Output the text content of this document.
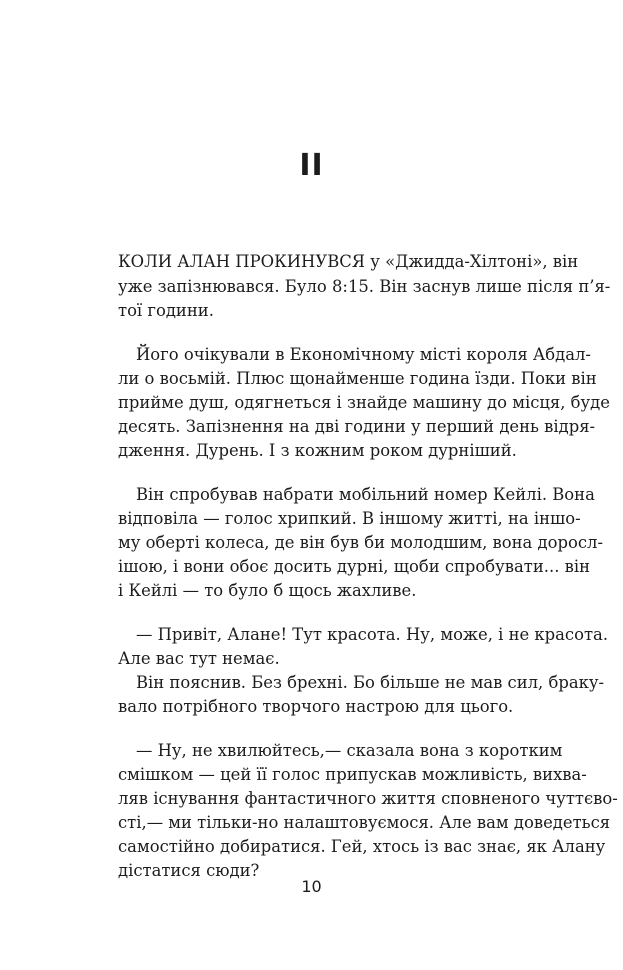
II
КОЛИ АЛАН ПРОКИНУВСЯ у «Джидда-Хілтоні», він
уже запізнювався. Було 8:15. Він заснув лише після п’я-
тої години.
Його очікували в Економічному місті короля Абдал-
ли о восьмій. Плюс щонайменше година їзди. Поки він
прийме душ, одягнеться і знайде машину до місця, буде
десять. Запізнення на дві години у перший день відря-
дження. Дурень. І з кожним роком дурніший.
Він спробував набрати мобільний номер Кейлі. Вона
відповіла — голос хрипкий. В іншому житті, на іншо-
му оберті колеса, де він був би молодшим, вона доросл-
ішою, і вони обоє досить дурні, щоби спробувати... він
і Кейлі — то було б щось жахливе.
— Привіт, Алане! Тут красота. Ну, може, і не красота.
Але вас тут немає.
Він пояснив. Без брехні. Бо більше не мав сил, браку-
вало потрібного творчого настрою для цього.
— Ну, не хвилюйтесь,— сказала вона з коротким
смішком — цей її голос припускав можливість, вихва-
ляв існування фантастичного життя сповненого чуттєво-
сті,— ми тільки-но налаштовуємося. Але вам доведеться
самостійно добиратися. Гей, хтось із вас знає, як Алану
дістатися сюди?
10
